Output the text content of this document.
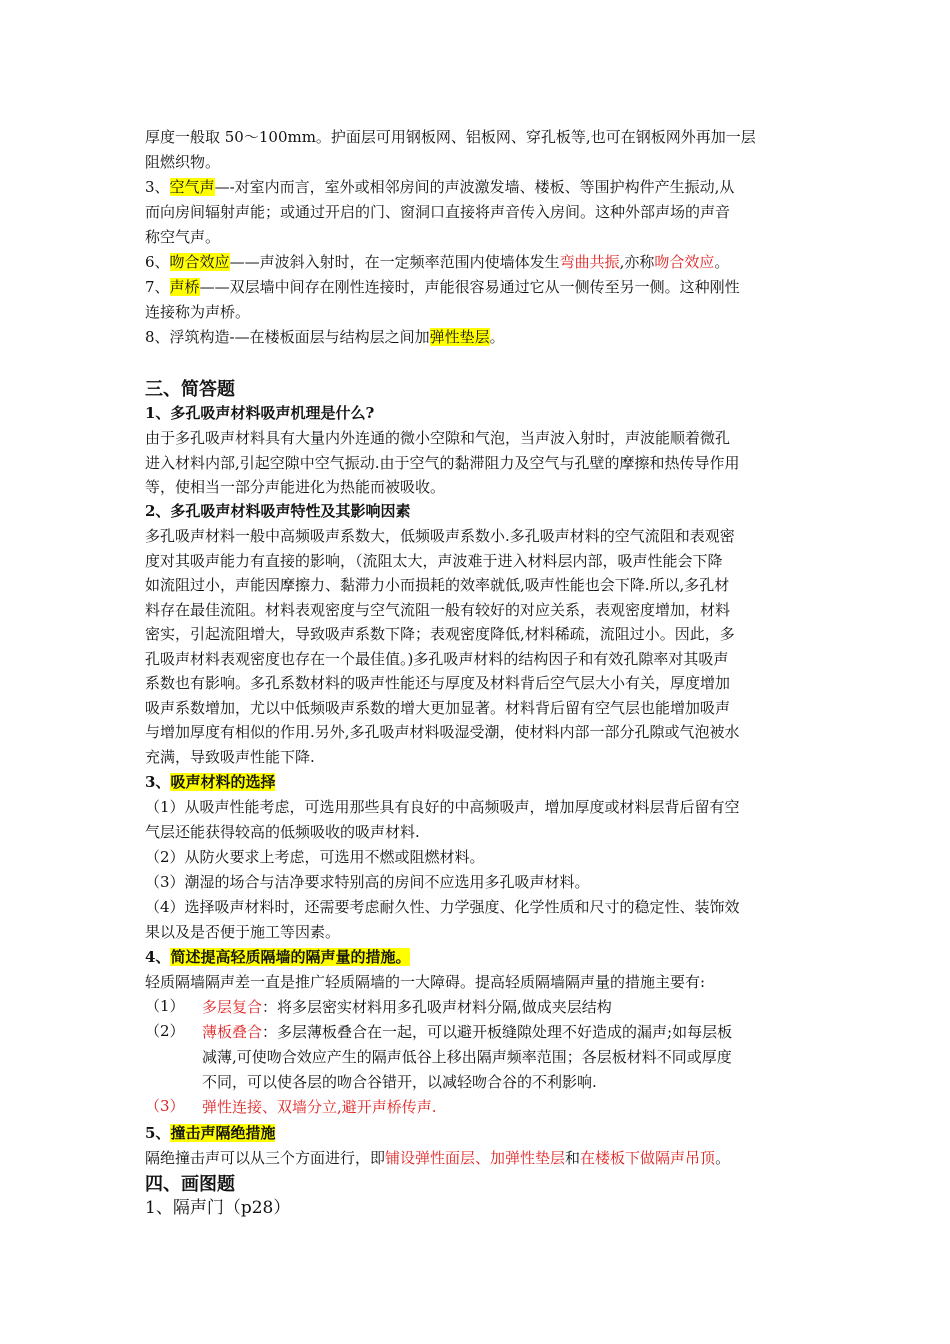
厚度一般取 50～100mm。护面层可用钢板网、铝板网、穿孔板等,也可在钢板网外再加一层
阻燃织物。
3、空气声—-对室内而言，室外或相邻房间的声波激发墙、楼板、等围护构件产生振动,从
而向房间辐射声能；或通过开启的门、窗洞口直接将声音传入房间。这种外部声场的声音
称空气声。
6、吻合效应——声波斜入射时，在一定频率范围内使墙体发生弯曲共振,亦称吻合效应。
7、声桥——双层墙中间存在刚性连接时，声能很容易通过它从一侧传至另一侧。这种刚性
连接称为声桥。
8、浮筑构造-—在楼板面层与结构层之间加弹性垫层。
三、简答题
1、多孔吸声材料吸声机理是什么?
由于多孔吸声材料具有大量内外连通的微小空隙和气泡，当声波入射时，声波能顺着微孔
进入材料内部,引起空隙中空气振动.由于空气的黏滞阻力及空气与孔壁的摩擦和热传导作用
等，使相当一部分声能进化为热能而被吸收。
2、多孔吸声材料吸声特性及其影响因素
多孔吸声材料一般中高频吸声系数大，低频吸声系数小.多孔吸声材料的空气流阻和表观密
度对其吸声能力有直接的影响，（流阻太大，声波难于进入材料层内部，吸声性能会下降
如流阻过小，声能因摩擦力、黏滞力小而损耗的效率就低,吸声性能也会下降.所以,多孔材
料存在最佳流阻。材料表观密度与空气流阻一般有较好的对应关系，表观密度增加，材料
密实，引起流阻增大，导致吸声系数下降；表观密度降低,材料稀疏，流阻过小。因此，多
孔吸声材料表观密度也存在一个最佳值。)多孔吸声材料的结构因子和有效孔隙率对其吸声
系数也有影响。多孔系数材料的吸声性能还与厚度及材料背后空气层大小有关，厚度增加
吸声系数增加，尤以中低频吸声系数的增大更加显著。材料背后留有空气层也能增加吸声
与增加厚度有相似的作用.另外,多孔吸声材料吸湿受潮，使材料内部一部分孔隙或气泡被水
充满，导致吸声性能下降.
3、吸声材料的选择
（1）从吸声性能考虑，可选用那些具有良好的中高频吸声，增加厚度或材料层背后留有空
气层还能获得较高的低频吸收的吸声材料.
（2）从防火要求上考虑，可选用不燃或阻燃材料。
（3）潮湿的场合与洁净要求特别高的房间不应选用多孔吸声材料。
（4）选择吸声材料时，还需要考虑耐久性、力学强度、化学性质和尺寸的稳定性、装饰效
果以及是否便于施工等因素。
4、简述提高轻质隔墙的隔声量的措施。
轻质隔墙隔声差一直是推广轻质隔墙的一大障碍。提高轻质隔墙隔声量的措施主要有:
（1） 多层复合：将多层密实材料用多孔吸声材料分隔,做成夹层结构
（2） 薄板叠合：多层薄板叠合在一起，可以避开板缝隙处理不好造成的漏声;如每层板
减薄,可使吻合效应产生的隔声低谷上移出隔声频率范围；各层板材料不同或厚度
不同，可以使各层的吻合谷错开，以减轻吻合谷的不利影响.
（3） 弹性连接、双墙分立,避开声桥传声.
5、撞击声隔绝措施
隔绝撞击声可以从三个方面进行，即铺设弹性面层、加弹性垫层和在楼板下做隔声吊顶。
四、画图题
1、隔声门（p28）
